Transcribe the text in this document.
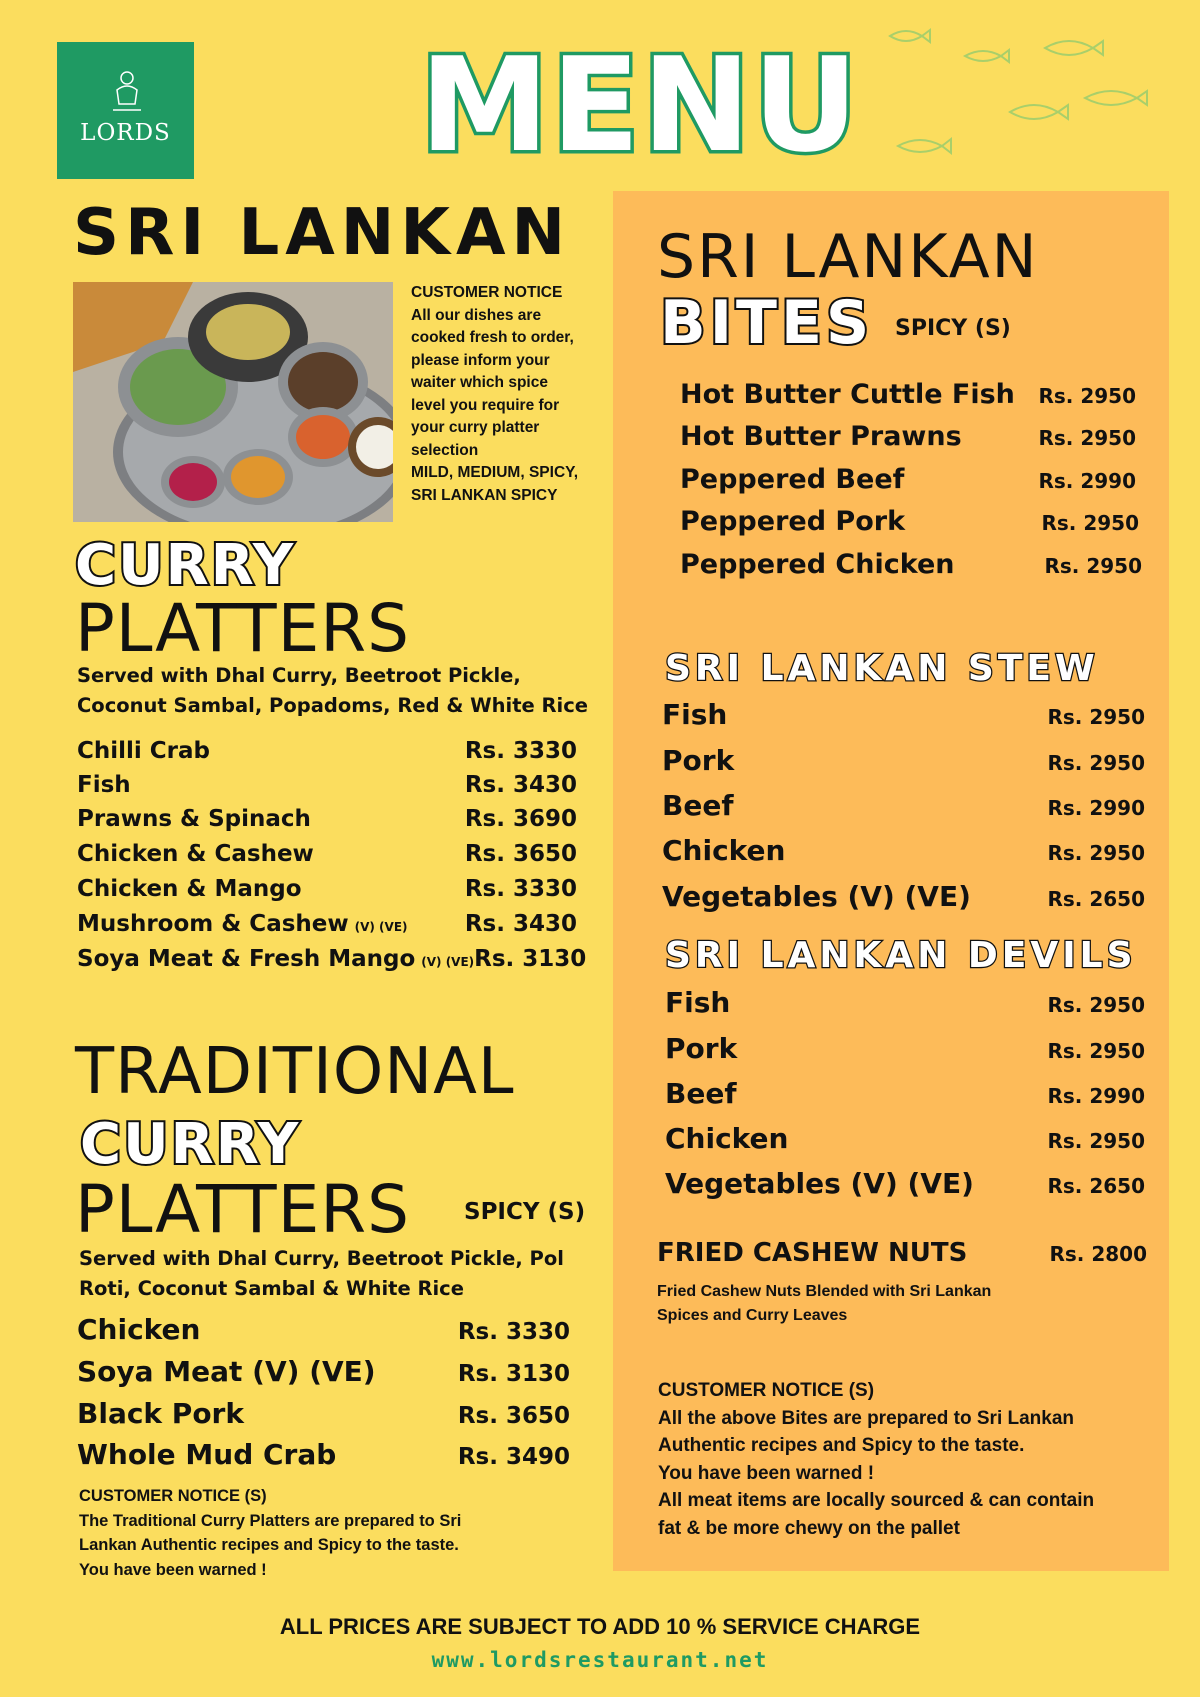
LORDS MENU
SRI LANKAN
CUSTOMER NOTICE
All our dishes are
cooked fresh to order,
please inform your
waiter which spice
level you require for
your curry platter
selection
MILD, MEDIUM, SPICY,
SRI LANKAN SPICY
CURRY
PLATTERS
Served with Dhal Curry, Beetroot Pickle,
Coconut Sambal, Popadoms, Red & White Rice
Chilli Crab	Rs. 3330
Fish	Rs. 3430
Prawns & Spinach	Rs. 3690
Chicken & Cashew	Rs. 3650
Chicken & Mango	Rs. 3330
Mushroom & Cashew (V) (VE) Rs. 3430
Soya Meat & Fresh Mango (V) (VE) Rs. 3130
TRADITIONAL
CURRY
PLATTERS SPICY (S)
Served with Dhal Curry, Beetroot Pickle, Pol
Roti, Coconut Sambal & White Rice
Chicken	Rs. 3330
Soya Meat (V) (VE)	Rs. 3130
Black Pork	Rs. 3650
Whole Mud Crab	Rs. 3490
CUSTOMER NOTICE (S)
The Traditional Curry Platters are prepared to Sri
Lankan Authentic recipes and Spicy to the taste.
You have been warned !
SRI LANKAN
BITES SPICY (S)
Hot Butter Cuttle Fish Rs. 2950
Hot Butter Prawns	Rs. 2950
Peppered Beef	Rs. 2990
Peppered Pork	Rs. 2950
Peppered Chicken	Rs. 2950
SRI LANKAN STEW
Fish	Rs. 2950
Pork	Rs. 2950
Beef	Rs. 2990
Chicken	Rs. 2950
Vegetables (V) (VE)	Rs. 2650
SRI LANKAN DEVILS
Fish	Rs. 2950
Pork	Rs. 2950
Beef	Rs. 2990
Chicken	Rs. 2950
Vegetables (V) (VE)	Rs. 2650
FRIED CASHEW NUTS	Rs. 2800
Fried Cashew Nuts Blended with Sri Lankan
Spices and Curry Leaves
CUSTOMER NOTICE (S)
All the above Bites are prepared to Sri Lankan
Authentic recipes and Spicy to the taste.
You have been warned !
All meat items are locally sourced & can contain
fat & be more chewy on the pallet
ALL PRICES ARE SUBJECT TO ADD 10 % SERVICE CHARGE
www.lordsrestaurant.net
